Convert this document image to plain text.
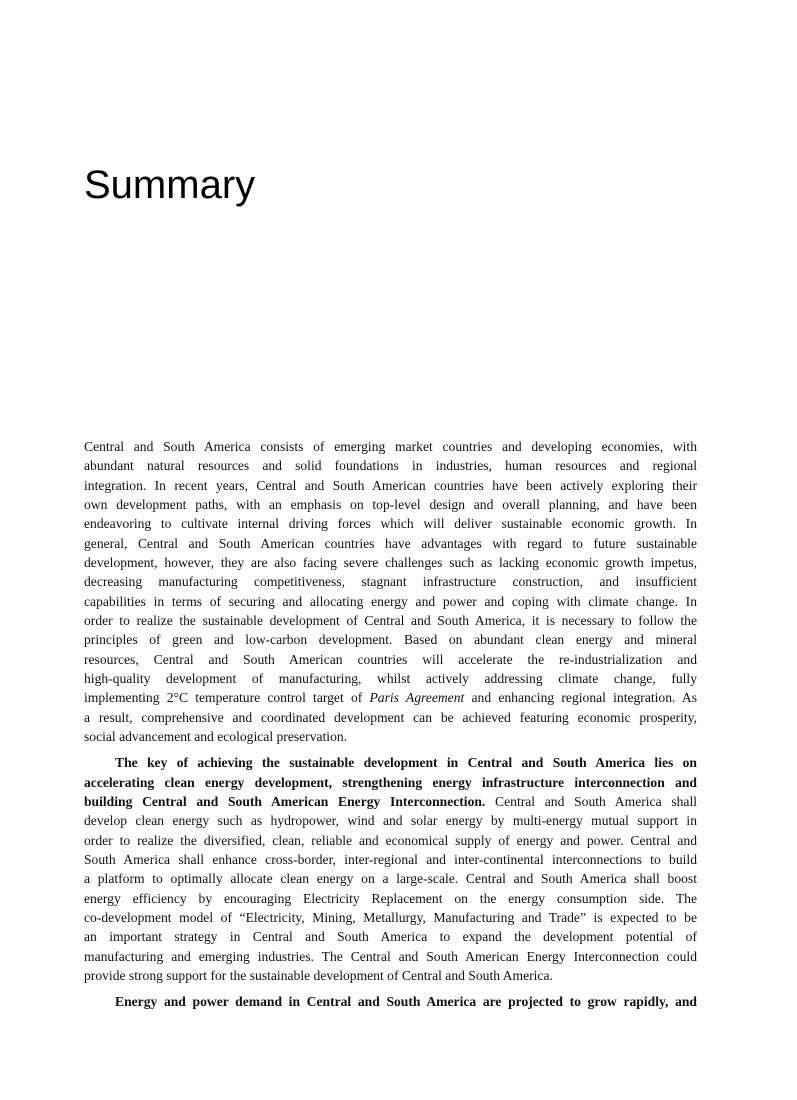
Summary
Central and South America consists of emerging market countries and developing economies, with
abundant natural resources and solid foundations in industries, human resources and regional
integration. In recent years, Central and South American countries have been actively exploring their
own development paths, with an emphasis on top-level design and overall planning, and have been
endeavoring to cultivate internal driving forces which will deliver sustainable economic growth. In
general, Central and South American countries have advantages with regard to future sustainable
development, however, they are also facing severe challenges such as lacking economic growth impetus,
decreasing manufacturing competitiveness, stagnant infrastructure construction, and insufficient
capabilities in terms of securing and allocating energy and power and coping with climate change. In
order to realize the sustainable development of Central and South America, it is necessary to follow the
principles of green and low-carbon development. Based on abundant clean energy and mineral
resources, Central and South American countries will accelerate the re-industrialization and
high-quality development of manufacturing, whilst actively addressing climate change, fully
implementing 2°C temperature control target of Paris Agreement and enhancing regional integration. As
a result, comprehensive and coordinated development can be achieved featuring economic prosperity,
social advancement and ecological preservation.
The key of achieving the sustainable development in Central and South America lies on
accelerating clean energy development, strengthening energy infrastructure interconnection and
building Central and South American Energy Interconnection. Central and South America shall
develop clean energy such as hydropower, wind and solar energy by multi-energy mutual support in
order to realize the diversified, clean, reliable and economical supply of energy and power. Central and
South America shall enhance cross-border, inter-regional and inter-continental interconnections to build
a platform to optimally allocate clean energy on a large-scale. Central and South America shall boost
energy efficiency by encouraging Electricity Replacement on the energy consumption side. The
co-development model of “Electricity, Mining, Metallurgy, Manufacturing and Trade” is expected to be
an important strategy in Central and South America to expand the development potential of
manufacturing and emerging industries. The Central and South American Energy Interconnection could
provide strong support for the sustainable development of Central and South America.
Energy and power demand in Central and South America are projected to grow rapidly, and
